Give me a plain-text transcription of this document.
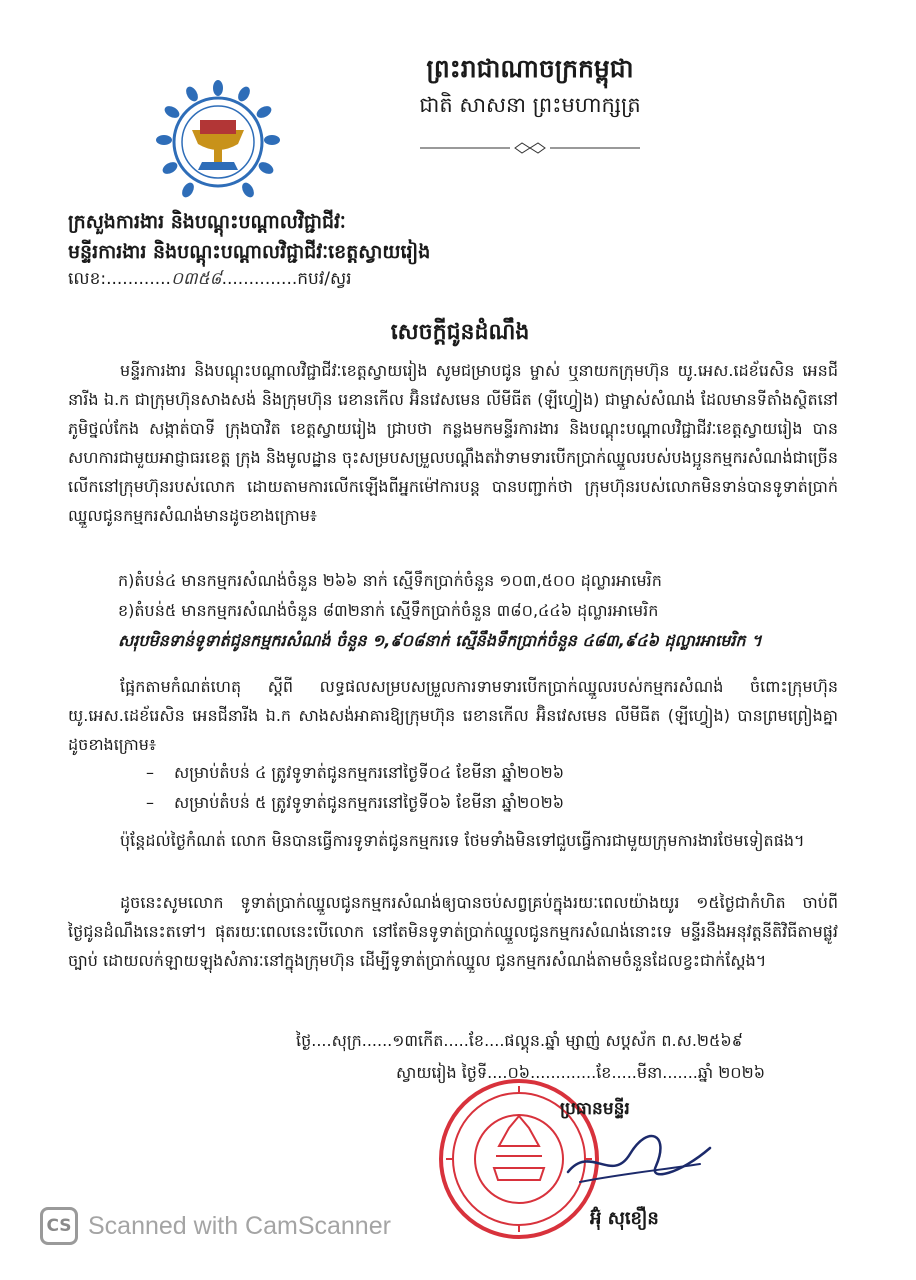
ព្រះរាជាណាចក្រកម្ពុជា
ជាតិ សាសនា ព្រះមហាក្សត្រ
ក្រសួងការងារ និងបណ្តុះបណ្តាលវិជ្ជាជីវៈ
មន្ទីរការងារ និងបណ្តុះបណ្តាលវិជ្ជាជីវៈខេត្តស្វាយរៀង
លេខ:............០៣៥៨..............កបវ/ស្វរ
សេចក្តីជូនដំណឹង

មន្ទីរការងារ និងបណ្តុះបណ្តាលវិជ្ជាជីវៈខេត្តស្វាយរៀង សូមជម្រាបជូន ម្ចាស់ ឬនាយកក្រុមហ៊ុន យូ.អេស.ដេខ័រេសិន អេនជីនារីង ឯ.ក ជាក្រុមហ៊ុនសាងសង់ និងក្រុមហ៊ុន រេខានកើល អ៊ិនវេសមេន លីមីធីត (ឡីហ្វៀង) ជាម្ចាស់សំណង់ ដែលមានទីតាំងស្ថិតនៅភូមិថ្នល់កែង សង្កាត់បាទី ក្រុងបាវិត ខេត្តស្វាយរៀង ជ្រាបថា កន្លងមកមន្ទីរការងារ និងបណ្តុះបណ្តាលវិជ្ជាជីវៈខេត្តស្វាយរៀង បានសហការជាមួយអាជ្ញាធរខេត្ត ក្រុង និងមូលដ្ឋាន ចុះសម្របសម្រួលបណ្តឹងតវ៉ាទាមទារបើកប្រាក់ឈ្នួលរបស់បងប្អូនកម្មករសំណង់ជាច្រើនលើកនៅក្រុមហ៊ុនរបស់លោក ដោយតាមការលើកឡើងពីអ្នកម៉ៅការបន្ត បានបញ្ជាក់ថា ក្រុមហ៊ុនរបស់លោកមិនទាន់បានទូទាត់ប្រាក់ឈ្នួលជូនកម្មករសំណង់មានដូចខាងក្រោម៖

ក)តំបន់៤ មានកម្មករសំណង់ចំនួន ២៦៦ នាក់ ស្មើទឹកប្រាក់ចំនួន ១០៣,៥០០ ដុល្លារអាមេរិក
ខ)តំបន់៥ មានកម្មករសំណង់ចំនួន ៨៣២នាក់ ស្មើទឹកប្រាក់ចំនួន ៣៨០,៤៤៦ ដុល្លារអាមេរិក
សរុបមិនទាន់ទូទាត់ជូនកម្មករសំណង់ ចំនួន ១,៩០៨នាក់ ស្មើនឹងទឹកប្រាក់ចំនួន ៤៨៣,៩៤៦ ដុល្លារអាមេរិក ។

ផ្អែកតាមកំណត់ហេតុ ស្តីពី លទ្ធផលសម្របសម្រួលការទាមទារបើកប្រាក់ឈ្នួលរបស់កម្មករសំណង់ ចំពោះក្រុមហ៊ុន យូ.អេស.ដេខ័រេសិន អេនជីនារីង ឯ.ក សាងសង់អាគារឱ្យក្រុមហ៊ុន រេខានកើល អ៊ិនវេសមេន លីមីធីត (ឡីហ្វៀង) បានព្រមព្រៀងគ្នាដូចខាងក្រោម៖

– សម្រាប់តំបន់ ៤ ត្រូវទូទាត់ជូនកម្មករនៅថ្ងៃទី០៤ ខែមីនា ឆ្នាំ២០២៦
– សម្រាប់តំបន់ ៥ ត្រូវទូទាត់ជូនកម្មករនៅថ្ងៃទី០៦ ខែមីនា ឆ្នាំ២០២៦

ប៉ុន្តែដល់ថ្ងៃកំណត់ លោក មិនបានធ្វើការទូទាត់ជូនកម្មករទេ ថែមទាំងមិនទៅជួបធ្វើការជាមួយក្រុមការងារថែមទៀតផង។

ដូចនេះសូមលោក ទូទាត់ប្រាក់ឈ្នួលជូនកម្មករសំណង់ឲ្យបានចប់សព្វគ្រប់ក្នុងរយៈពេលយ៉ាងយូរ ១៥ថ្ងៃជាកំហិត ចាប់ពីថ្ងៃជូនដំណឹងនេះតទៅ។ ផុតរយៈពេលនេះបើលោក នៅតែមិនទូទាត់ប្រាក់ឈ្នួលជូនកម្មករសំណង់នោះទេ មន្ទីរនឹងអនុវត្តនីតិវិធីតាមផ្លូវច្បាប់ ដោយលក់ឡាយឡុងសំភារៈនៅក្នុងក្រុមហ៊ុន ដើម្បីទូទាត់ប្រាក់ឈ្នួល ជូនកម្មករសំណង់តាមចំនួនដែលខ្វះជាក់ស្តែង។

ថ្ងៃ....សុក្រ......១៣កើត.....ខែ....ផល្គុន.ឆ្នាំ ម្សាញ់ សប្តស័ក ព.ស.២៥៦៩
ស្វាយរៀង ថ្ងៃទី....០៦.............ខែ.....មីនា.......ឆ្នាំ ២០២៦
ប្រធានមន្ទីរ
អ៊ុំ សុខឿន
CS Scanned with CamScanner
